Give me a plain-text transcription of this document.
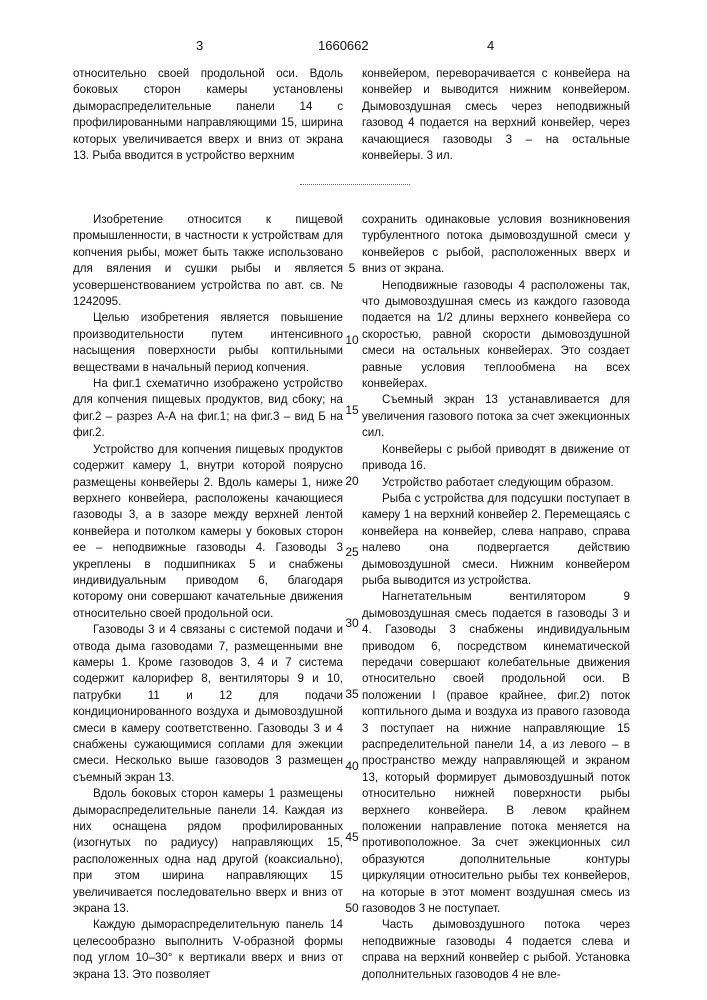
3	1660662	4

относительно своей продольной оси. Вдоль боковых сторон камеры установлены дымораспределительные панели 14 с профилированными направляющими 15, ширина которых увеличивается вверх и вниз от экрана 13. Рыба вводится в устройство верхним

конвейером, переворачивается с конвейера на конвейер и выводится нижним конвейером. Дымовоздушная смесь через неподвижный газовод 4 подается на верхний конвейер, через качающиеся газоводы 3 – на остальные конвейеры. 3 ил.

Изобретение относится к пищевой промышленности, в частности к устройствам для копчения рыбы, может быть также использовано для вяления и сушки рыбы и является усовершенствованием устройства по авт. св. № 1242095.

Целью изобретения является повышение производительности путем интенсивного насыщения поверхности рыбы коптильными веществами в начальный период копчения.

На фиг.1 схематично изображено устройство для копчения пищевых продуктов, вид сбоку; на фиг.2 – разрез А-А на фиг.1; на фиг.3 – вид Б на фиг.2.

Устройство для копчения пищевых продуктов содержит камеру 1, внутри которой поярусно размещены конвейеры 2. Вдоль камеры 1, ниже верхнего конвейера, расположены качающиеся газоводы 3, а в зазоре между верхней лентой конвейера и потолком камеры у боковых сторон ее – неподвижные газоводы 4. Газоводы 3 укреплены в подшипниках 5 и снабжены индивидуальным приводом 6, благодаря которому они совершают качательные движения относительно своей продольной оси.

Газоводы 3 и 4 связаны с системой подачи и отвода дыма газоводами 7, размещенными вне камеры 1. Кроме газоводов 3, 4 и 7 система содержит калорифер 8, вентиляторы 9 и 10, патрубки 11 и 12 для подачи кондиционированного воздуха и дымовоздушной смеси в камеру соответственно. Газоводы 3 и 4 снабжены сужающимися соплами для эжекции смеси. Несколько выше газоводов 3 размещен съемный экран 13.

Вдоль боковых сторон камеры 1 размещены дымораспределительные панели 14. Каждая из них оснащена рядом профилированных (изогнутых по радиусу) направляющих 15, расположенных одна над другой (коаксиально), при этом ширина направляющих 15 увеличивается последовательно вверх и вниз от экрана 13.

Каждую дымораспределительную панель 14 целесообразно выполнить V-образной формы под углом 10–30° к вертикали вверх и вниз от экрана 13. Это позволяет

сохранить одинаковые условия возникновения турбулентного потока дымовоздушной смеси у конвейеров с рыбой, расположенных вверх и вниз от экрана.

Неподвижные газоводы 4 расположены так, что дымовоздушная смесь из каждого газовода подается на 1/2 длины верхнего конвейера со скоростью, равной скорости дымовоздушной смеси на остальных конвейерах. Это создает равные условия теплообмена на всех конвейерах.

Съемный экран 13 устанавливается для увеличения газового потока за счет эжекционных сил.

Конвейеры с рыбой приводят в движение от привода 16.

Устройство работает следующим образом.

Рыба с устройства для подсушки поступает в камеру 1 на верхний конвейер 2. Перемещаясь с конвейера на конвейер, слева направо, справа налево она подвергается действию дымовоздушной смеси. Нижним конвейером рыба выводится из устройства.

Нагнетательным вентилятором 9 дымовоздушная смесь подается в газоводы 3 и 4. Газоводы 3 снабжены индивидуальным приводом 6, посредством кинематической передачи совершают колебательные движения относительно своей продольной оси. В положении I (правое крайнее, фиг.2) поток коптильного дыма и воздуха из правого газовода 3 поступает на нижние направляющие 15 распределительной панели 14, а из левого – в пространство между направляющей и экраном 13, который формирует дымовоздушный поток относительно нижней поверхности рыбы верхнего конвейера. В левом крайнем положении направление потока меняется на противоположное. За счет эжекционных сил образуются дополнительные контуры циркуляции относительно рыбы тех конвейеров, на которые в этот момент воздушная смесь из газоводов 3 не поступает.

Часть дымовоздушного потока через неподвижные газоводы 4 подается слева и справа на верхний конвейер с рыбой. Установка дополнительных газоводов 4 не вле-

5
10
15
20
25
30
35
40
45
50
